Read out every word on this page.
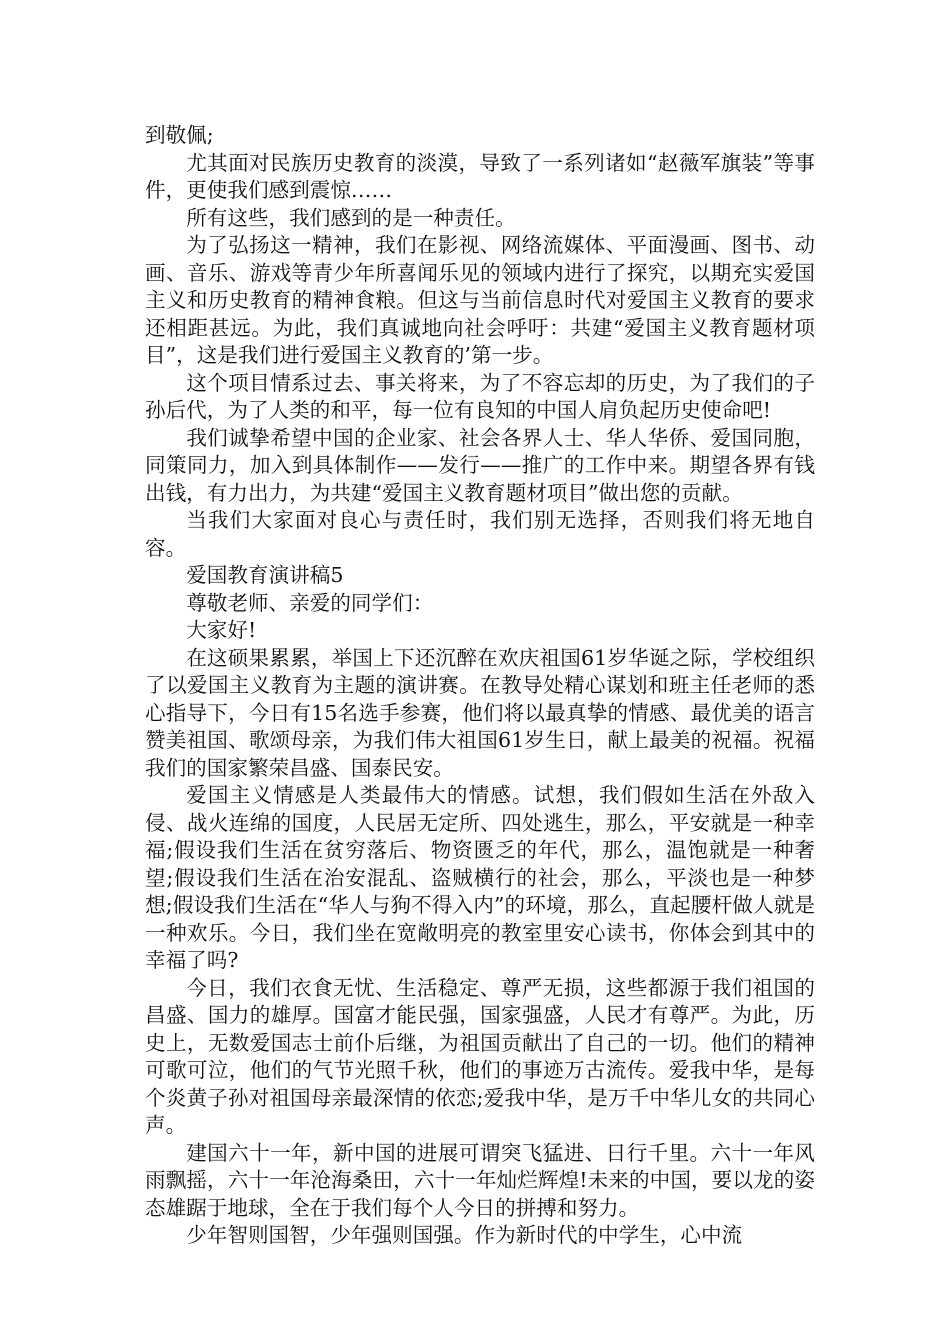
到敬佩;

尤其面对民族历史教育的淡漠，导致了一系列诸如“赵薇军旗装”等事件，更使我们感到震惊……

所有这些，我们感到的是一种责任。

为了弘扬这一精神，我们在影视、网络流媒体、平面漫画、图书、动画、音乐、游戏等青少年所喜闻乐见的领域内进行了探究，以期充实爱国主义和历史教育的精神食粮。但这与当前信息时代对爱国主义教育的要求还相距甚远。为此，我们真诚地向社会呼吁：共建“爱国主义教育题材项目”，这是我们进行爱国主义教育的’第一步。

这个项目情系过去、事关将来，为了不容忘却的历史，为了我们的子孙后代，为了人类的和平，每一位有良知的中国人肩负起历史使命吧!

我们诚挚希望中国的企业家、社会各界人士、华人华侨、爱国同胞，同策同力，加入到具体制作——发行——推广的工作中来。期望各界有钱出钱，有力出力，为共建“爱国主义教育题材项目”做出您的贡献。

当我们大家面对良心与责任时，我们别无选择，否则我们将无地自容。

爱国教育演讲稿5

尊敬老师、亲爱的同学们：

大家好!

在这硕果累累，举国上下还沉醉在欢庆祖国61岁华诞之际，学校组织了以爱国主义教育为主题的演讲赛。在教导处精心谋划和班主任老师的悉心指导下，今日有15名选手参赛，他们将以最真挚的情感、最优美的语言赞美祖国、歌颂母亲，为我们伟大祖国61岁生日，献上最美的祝福。祝福我们的国家繁荣昌盛、国泰民安。

爱国主义情感是人类最伟大的情感。试想，我们假如生活在外敌入侵、战火连绵的国度，人民居无定所、四处逃生，那么，平安就是一种幸福;假设我们生活在贫穷落后、物资匮乏的年代，那么，温饱就是一种奢望;假设我们生活在治安混乱、盗贼横行的社会，那么，平淡也是一种梦想;假设我们生活在“华人与狗不得入内”的环境，那么，直起腰杆做人就是一种欢乐。今日，我们坐在宽敞明亮的教室里安心读书，你体会到其中的幸福了吗?

今日，我们衣食无忧、生活稳定、尊严无损，这些都源于我们祖国的昌盛、国力的雄厚。国富才能民强，国家强盛，人民才有尊严。为此，历史上，无数爱国志士前仆后继，为祖国贡献出了自己的一切。他们的精神可歌可泣，他们的气节光照千秋，他们的事迹万古流传。爱我中华，是每个炎黄子孙对祖国母亲最深情的依恋;爱我中华，是万千中华儿女的共同心声。

建国六十一年，新中国的进展可谓突飞猛进、日行千里。六十一年风雨飘摇，六十一年沧海桑田，六十一年灿烂辉煌!未来的中国，要以龙的姿态雄踞于地球，全在于我们每个人今日的拼搏和努力。

少年智则国智，少年强则国强。作为新时代的中学生，心中流
